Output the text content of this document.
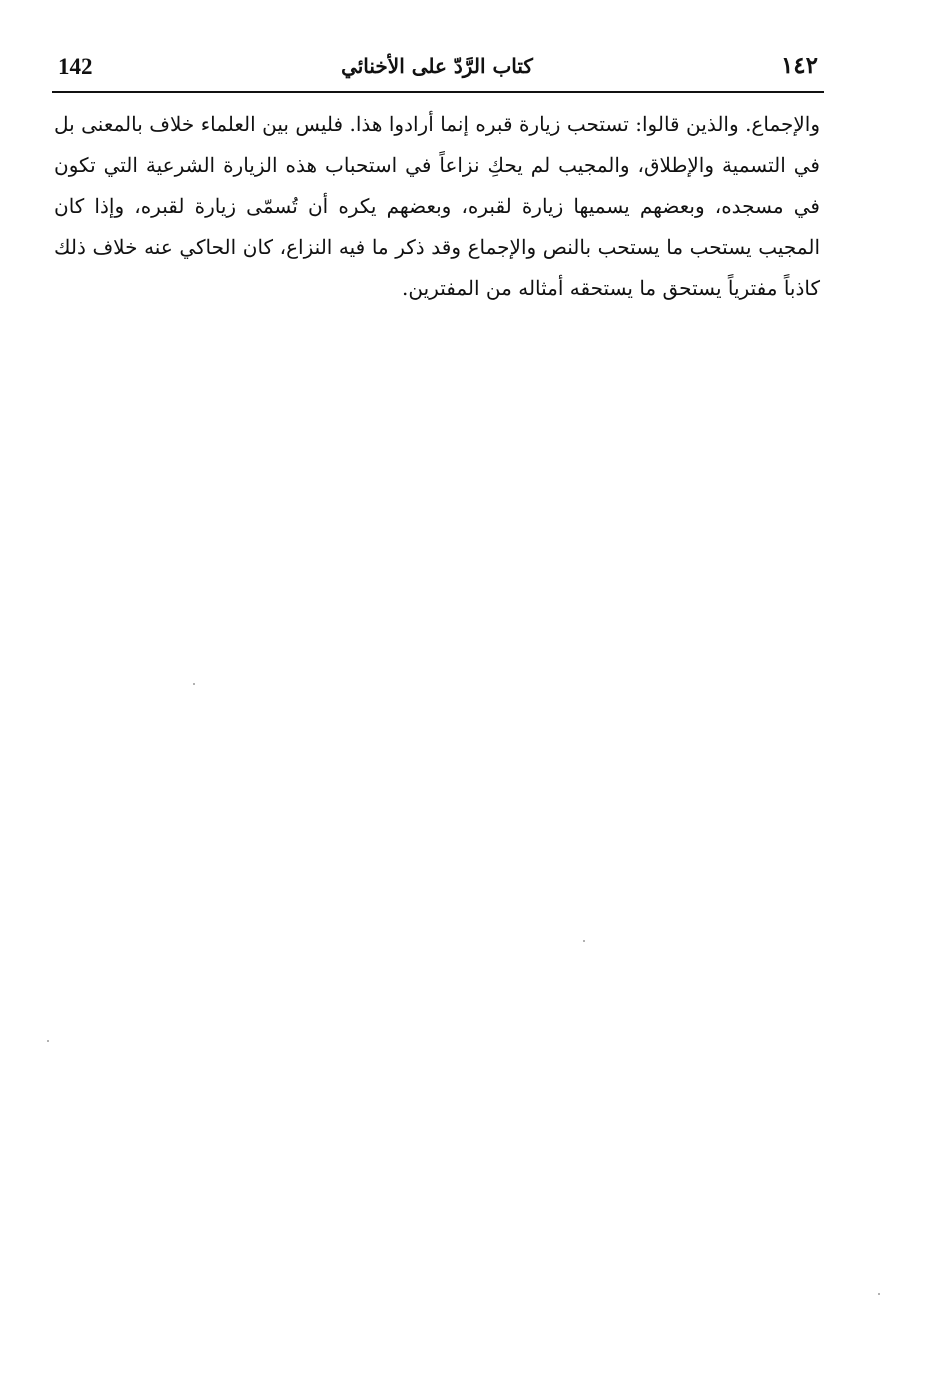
142	كتاب الرَّدّ على الأخنائي	١٤٢

والإجماع. والذين قالوا: تستحب زيارة قبره إنما أرادوا هذا. فليس بين العلماء خلاف بالمعنى بل في التسمية والإطلاق، والمجيب لم يحكِ نزاعاً في استحباب هذه الزيارة الشرعية التي تكون في مسجده، وبعضهم يسميها زيارة لقبره، وبعضهم يكره أن تُسمّى زيارة لقبره، وإذا كان المجيب يستحب ما يستحب بالنص والإجماع وقد ذكر ما فيه النزاع، كان الحاكي عنه خلاف ذلك كاذباً مفترياً يستحق ما يستحقه أمثاله من المفترين.
